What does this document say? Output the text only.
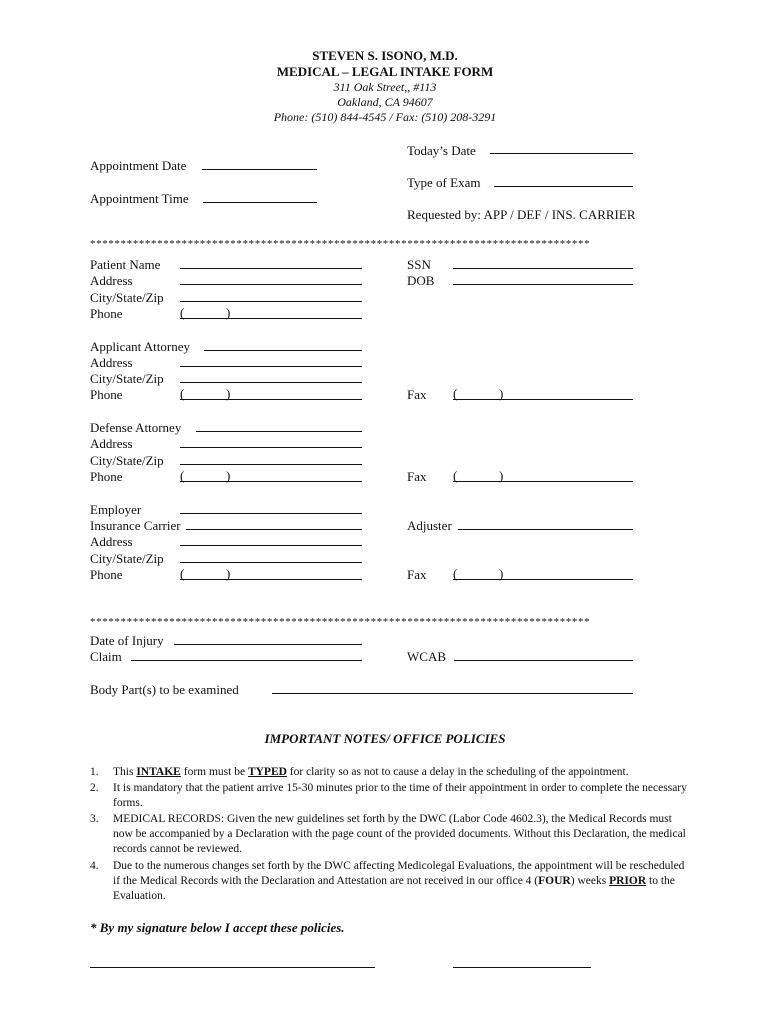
STEVEN S. ISONO, M.D.
MEDICAL – LEGAL INTAKE FORM
311 Oak Street,, #113
Oakland, CA 94607
Phone: (510) 844-4545 / Fax: (510) 208-3291
Today’s Date
Appointment Date
Type of Exam
Appointment Time
Requested by: APP / DEF / INS. CARRIER
**********************************************************************************
Patient Name	SSN
Address	DOB
City/State/Zip
Phone	(	)
Applicant Attorney
Address
City/State/Zip
Phone	(	)	Fax (	)
Defense Attorney
Address
City/State/Zip
Phone	(	)	Fax (	)
Employer
Insurance Carrier	Adjuster
Address
City/State/Zip
Phone	(	)	Fax (	)
**********************************************************************************
Date of Injury
Claim	WCAB
Body Part(s) to be examined
IMPORTANT NOTES/ OFFICE POLICIES
1. This INTAKE form must be TYPED for clarity so as not to cause a delay in the scheduling of the appointment.
2. It is mandatory that the patient arrive 15-30 minutes prior to the time of their appointment in order to complete the necessary forms.
3. MEDICAL RECORDS: Given the new guidelines set forth by the DWC (Labor Code 4602.3), the Medical Records must now be accompanied by a Declaration with the page count of the provided documents. Without this Declaration, the medical records cannot be reviewed.
4. Due to the numerous changes set forth by the DWC affecting Medicolegal Evaluations, the appointment will be rescheduled if the Medical Records with the Declaration and Attestation are not received in our office 4 (FOUR) weeks PRIOR to the Evaluation.
* By my signature below I accept these policies.
